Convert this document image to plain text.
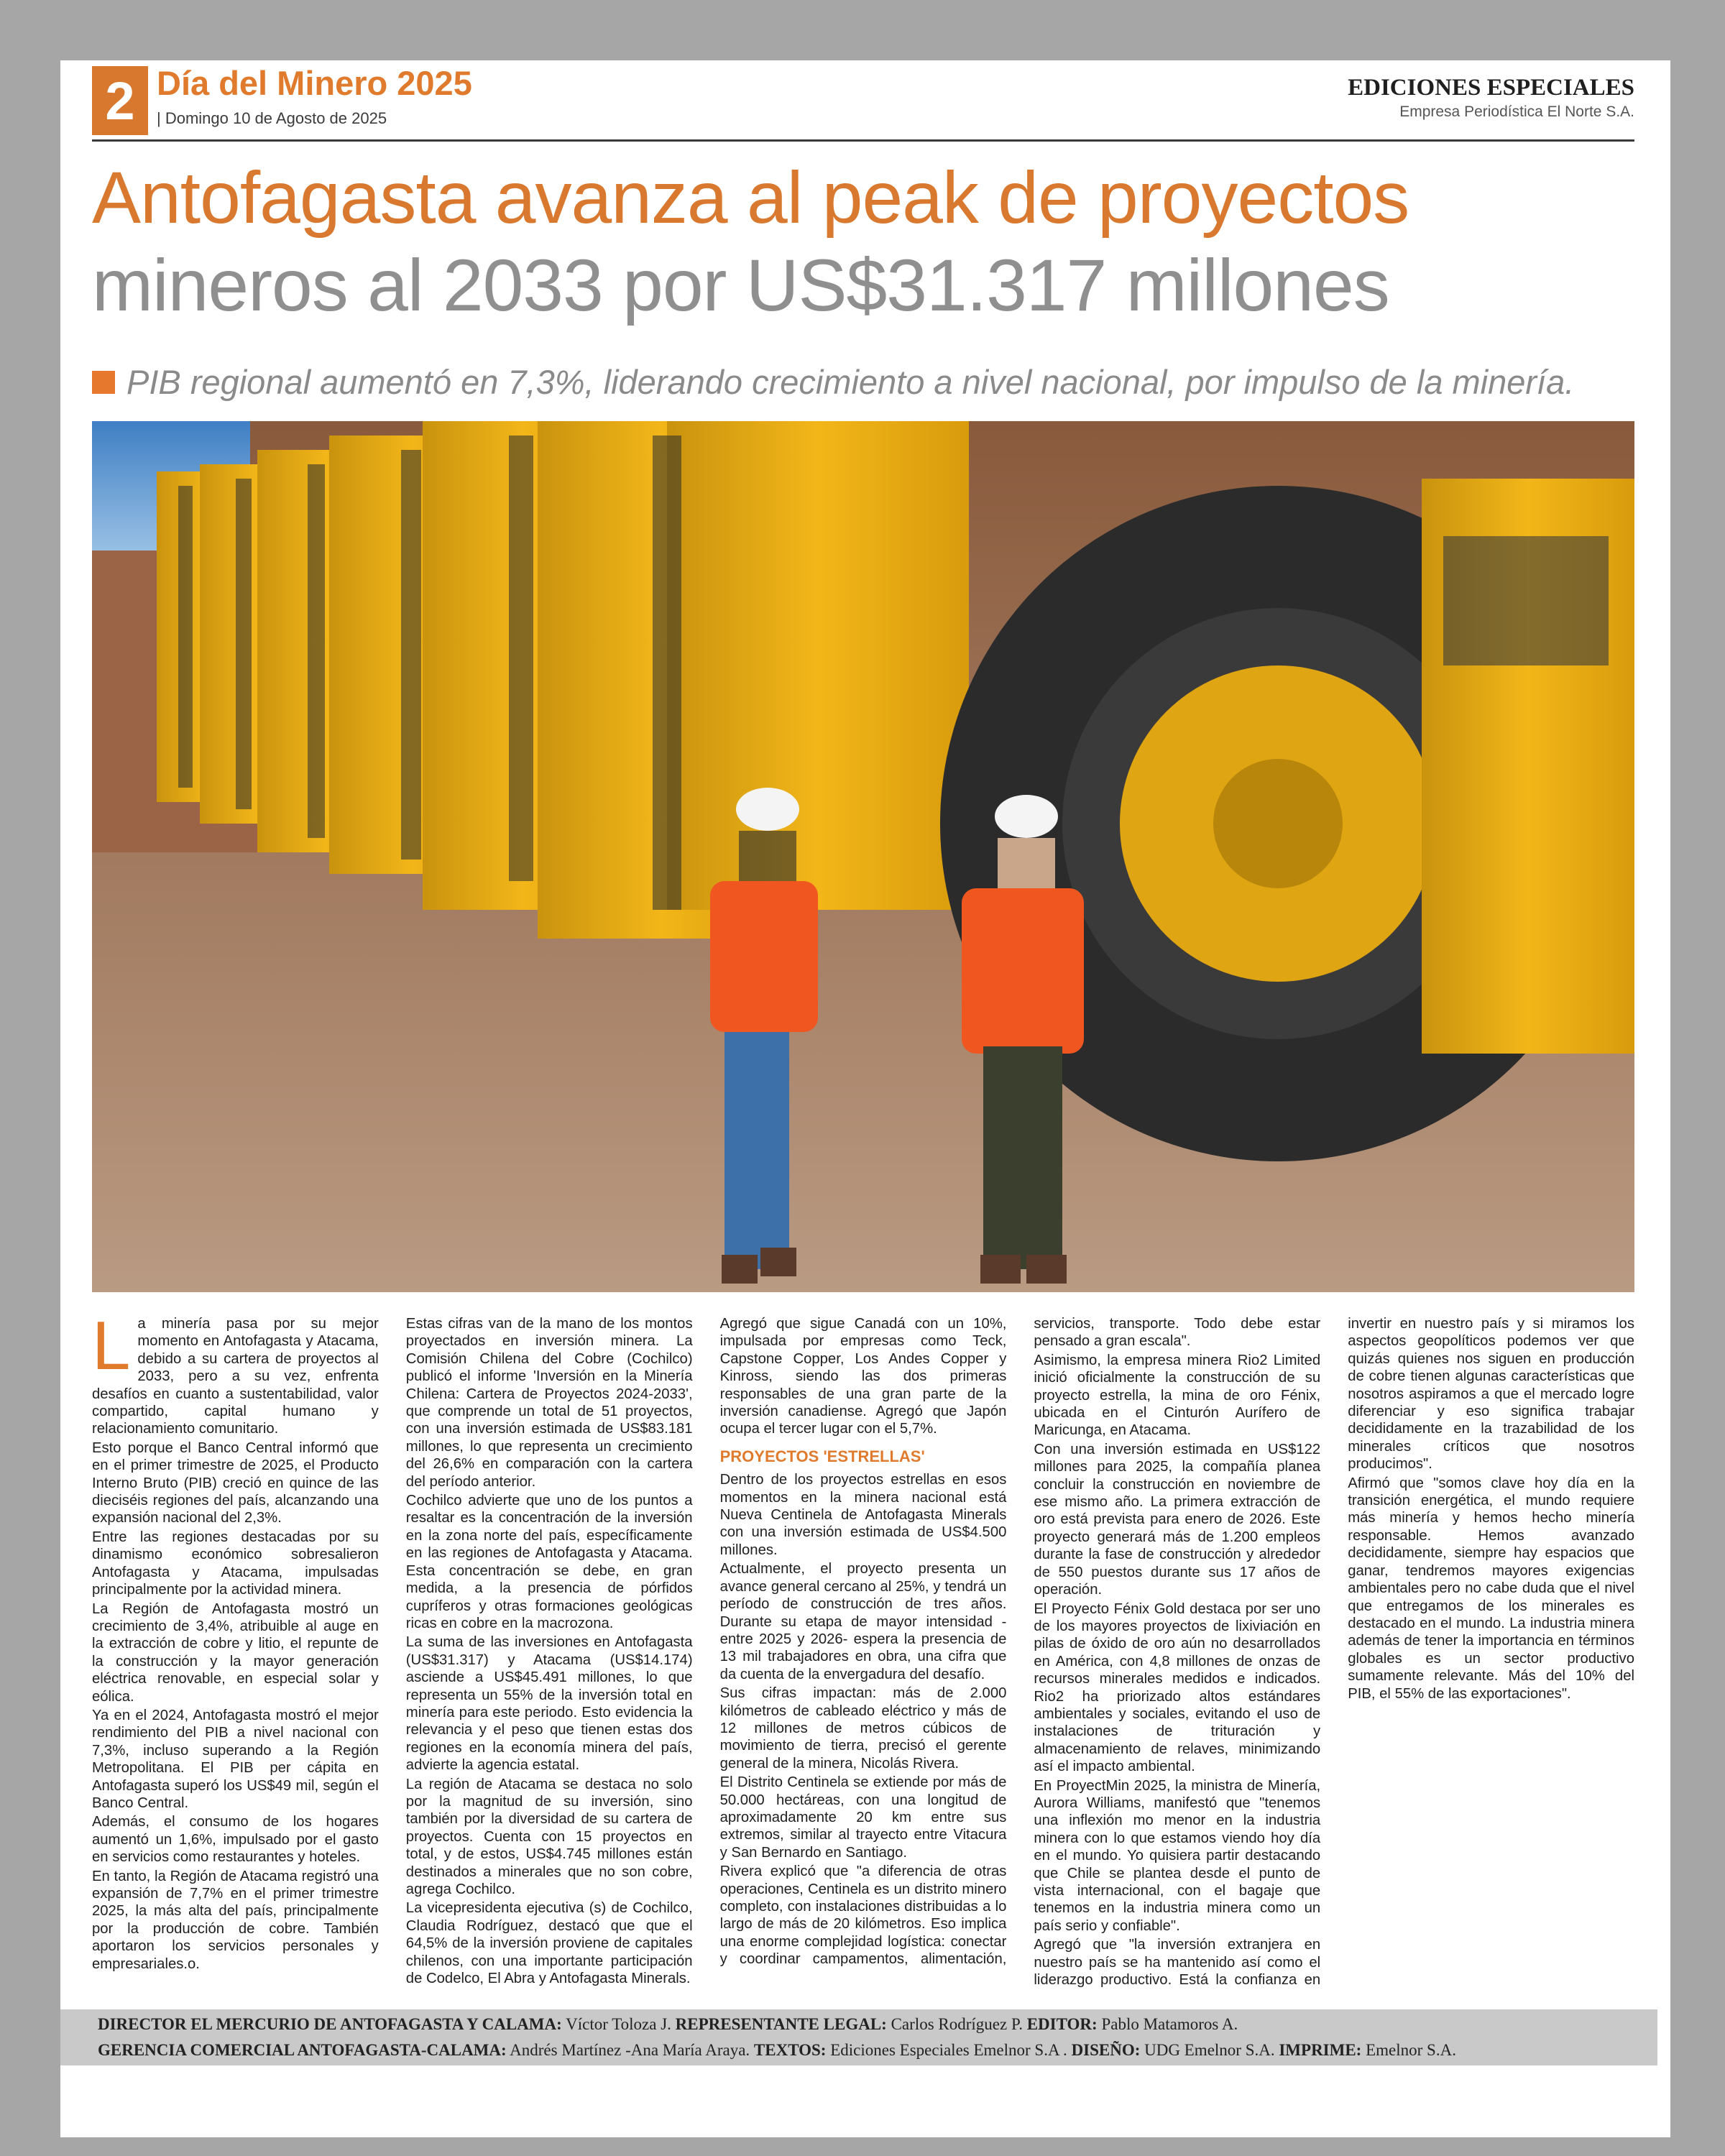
2 Día del Minero 2025
| Domingo 10 de Agosto de 2025
EDICIONES ESPECIALES
Empresa Periodística El Norte S.A.
Antofagasta avanza al peak de proyectos
mineros al 2033 por US$31.317 millones
PIB regional aumentó en 7,3%, liderando crecimiento a nivel nacional, por impulso de la minería.

La minería pasa por su mejor momento en Antofagasta y Atacama, debido a su cartera de proyectos al 2033, pero a su vez, enfrenta desafíos en cuanto a sustentabilidad, valor compartido, capital humano y relacionamiento comunitario.

Esto porque el Banco Central informó que en el primer trimestre de 2025, el Producto Interno Bruto (PIB) creció en quince de las dieciséis regiones del país, alcanzando una expansión nacional del 2,3%.

Entre las regiones destacadas por su dinamismo económico sobresalieron Antofagasta y Atacama, impulsadas principalmente por la actividad minera.

La Región de Antofagasta mostró un crecimiento de 3,4%, atribuible al auge en la extracción de cobre y litio, el repunte de la construcción y la mayor generación eléctrica renovable, en especial solar y eólica.

Ya en el 2024, Antofagasta mostró el mejor rendimiento del PIB a nivel nacional con 7,3%, incluso superando a la Región Metropolitana. El PIB per cápita en Antofagasta superó los US$49 mil, según el Banco Central.

Además, el consumo de los hogares aumentó un 1,6%, impulsado por el gasto en servicios como restaurantes y hoteles.

En tanto, la Región de Atacama registró una expansión de 7,7% en el primer trimestre 2025, la más alta del país, principalmente por la producción de cobre. También aportaron los servicios personales y empresariales.o.

Estas cifras van de la mano de los montos proyectados en inversión minera. La Comisión Chilena del Cobre (Cochilco) publicó el informe 'Inversión en la Minería Chilena: Cartera de Proyectos 2024-2033', que comprende un total de 51 proyectos, con una inversión estimada de US$83.181 millones, lo que representa un crecimiento del 26,6% en comparación con la cartera del período anterior.

Cochilco advierte que uno de los puntos a resaltar es la concentración de la inversión en la zona norte del país, específicamente en las regiones de Antofagasta y Atacama. Esta concentración se debe, en gran medida, a la presencia de pórfidos cupríferos y otras formaciones geológicas ricas en cobre en la macrozona.

La suma de las inversiones en Antofagasta (US$31.317) y Atacama (US$14.174) asciende a US$45.491 millones, lo que representa un 55% de la inversión total en minería para este periodo. Esto evidencia la relevancia y el peso que tienen estas dos regiones en la economía minera del país, advierte la agencia estatal.

La región de Atacama se destaca no solo por la magnitud de su inversión, sino también por la diversidad de su cartera de proyectos. Cuenta con 15 proyectos en total, y de estos, US$4.745 millones están destinados a minerales que no son cobre, agrega Cochilco.

La vicepresidenta ejecutiva (s) de Cochilco, Claudia Rodríguez, destacó que que el 64,5% de la inversión proviene de capitales chilenos, con una importante participación de Codelco, El Abra y Antofagasta Minerals.

Agregó que sigue Canadá con un 10%, impulsada por empresas como Teck, Capstone Copper, Los Andes Copper y Kinross, siendo las dos primeras responsables de una gran parte de la inversión canadiense. Agregó que Japón ocupa el tercer lugar con el 5,7%.

PROYECTOS 'ESTRELLAS'

Dentro de los proyectos estrellas en esos momentos en la minera nacional está Nueva Centinela de Antofagasta Minerals con una inversión estimada de US$4.500 millones.

Actualmente, el proyecto presenta un avance general cercano al 25%, y tendrá un período de construcción de tres años. Durante su etapa de mayor intensidad -entre 2025 y 2026- espera la presencia de 13 mil trabajadores en obra, una cifra que da cuenta de la envergadura del desafío.

Sus cifras impactan: más de 2.000 kilómetros de cableado eléctrico y más de 12 millones de metros cúbicos de movimiento de tierra, precisó el gerente general de la minera, Nicolás Rivera.

El Distrito Centinela se extiende por más de 50.000 hectáreas, con una longitud de aproximadamente 20 km entre sus extremos, similar al trayecto entre Vitacura y San Bernardo en Santiago.

Rivera explicó que "a diferencia de otras operaciones, Centinela es un distrito minero completo, con instalaciones distribuidas a lo largo de más de 20 kilómetros. Eso implica una enorme complejidad logística: conectar y coordinar campamentos, alimentación, servicios, transporte. Todo debe estar pensado a gran escala".

Asimismo, la empresa minera Rio2 Limited inició oficialmente la construcción de su proyecto estrella, la mina de oro Fénix, ubicada en el Cinturón Aurífero de Maricunga, en Atacama.

Con una inversión estimada en US$122 millones para 2025, la compañía planea concluir la construcción en noviembre de ese mismo año. La primera extracción de oro está prevista para enero de 2026. Este proyecto generará más de 1.200 empleos durante la fase de construcción y alrededor de 550 puestos durante sus 17 años de operación.

El Proyecto Fénix Gold destaca por ser uno de los mayores proyectos de lixiviación en pilas de óxido de oro aún no desarrollados en América, con 4,8 millones de onzas de recursos minerales medidos e indicados. Rio2 ha priorizado altos estándares ambientales y sociales, evitando el uso de instalaciones de trituración y almacenamiento de relaves, minimizando así el impacto ambiental.

En ProyectMin 2025, la ministra de Minería, Aurora Williams, manifestó que "tenemos una inflexión mo menor en la industria minera con lo que estamos viendo hoy día en el mundo. Yo quisiera partir destacando que Chile se plantea desde el punto de vista internacional, con el bagaje que tenemos en la industria minera como un país serio y confiable".

Agregó que "la inversión extranjera en nuestro país se ha mantenido así como el liderazgo productivo. Está la confianza en invertir en nuestro país y si miramos los aspectos geopolíticos podemos ver que quizás quienes nos siguen en producción de cobre tienen algunas características que nosotros aspiramos a que el mercado logre diferenciar y eso significa trabajar decididamente en la trazabilidad de los minerales críticos que nosotros producimos".

Afirmó que "somos clave hoy día en la transición energética, el mundo requiere más minería y hemos hecho minería responsable. Hemos avanzado decididamente, siempre hay espacios que ganar, tendremos mayores exigencias ambientales pero no cabe duda que el nivel que entregamos de los minerales es destacado en el mundo. La industria minera además de tener la importancia en términos globales es un sector productivo sumamente relevante. Más del 10% del PIB, el 55% de las exportaciones".

DIRECTOR EL MERCURIO DE ANTOFAGASTA Y CALAMA: Víctor Toloza J. REPRESENTANTE LEGAL: Carlos Rodríguez P. EDITOR: Pablo Matamoros A.
GERENCIA COMERCIAL ANTOFAGASTA-CALAMA: Andrés Martínez -Ana María Araya. TEXTOS: Ediciones Especiales Emelnor S.A . DISEÑO: UDG Emelnor S.A. IMPRIME: Emelnor S.A.
